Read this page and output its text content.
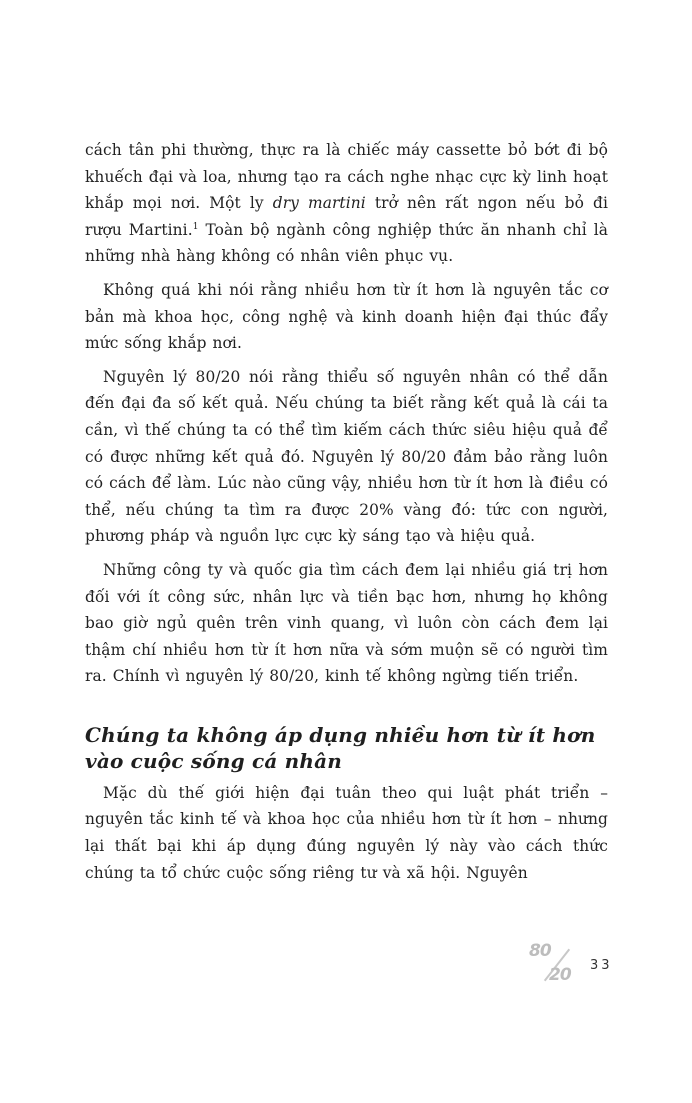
cách tân phi thường, thực ra là chiếc máy cassette bỏ bớt đi bộ khuếch đại và loa, nhưng tạo ra cách nghe nhạc cực kỳ linh hoạt khắp mọi nơi. Một ly dry martini trở nên rất ngon nếu bỏ đi rượu Martini.$^1$ Toàn bộ ngành công nghiệp thức ăn nhanh chỉ là những nhà hàng không có nhân viên phục vụ.

Không quá khi nói rằng nhiều hơn từ ít hơn là nguyên tắc cơ bản mà khoa học, công nghệ và kinh doanh hiện đại thúc đẩy mức sống khắp nơi.

Nguyên lý 80/20 nói rằng thiểu số nguyên nhân có thể dẫn đến đại đa số kết quả. Nếu chúng ta biết rằng kết quả là cái ta cần, vì thế chúng ta có thể tìm kiếm cách thức siêu hiệu quả để có được những kết quả đó. Nguyên lý 80/20 đảm bảo rằng luôn có cách để làm. Lúc nào cũng vậy, nhiều hơn từ ít hơn là điều có thể, nếu chúng ta tìm ra được 20% vàng đó: tức con người, phương pháp và nguồn lực cực kỳ sáng tạo và hiệu quả.

Những công ty và quốc gia tìm cách đem lại nhiều giá trị hơn đối với ít công sức, nhân lực và tiền bạc hơn, nhưng họ không bao giờ ngủ quên trên vinh quang, vì luôn còn cách đem lại thậm chí nhiều hơn từ ít hơn nữa và sớm muộn sẽ có người tìm ra. Chính vì nguyên lý 80/20, kinh tế không ngừng tiến triển.

Chúng ta không áp dụng nhiều hơn từ ít hơn vào cuộc sống cá nhân

Mặc dù thế giới hiện đại tuân theo qui luật phát triển – nguyên tắc kinh tế và khoa học của nhiều hơn từ ít hơn – nhưng lại thất bại khi áp dụng đúng nguyên lý này vào cách thức chúng ta tổ chức cuộc sống riêng tư và xã hội. Nguyên

80
20 33
